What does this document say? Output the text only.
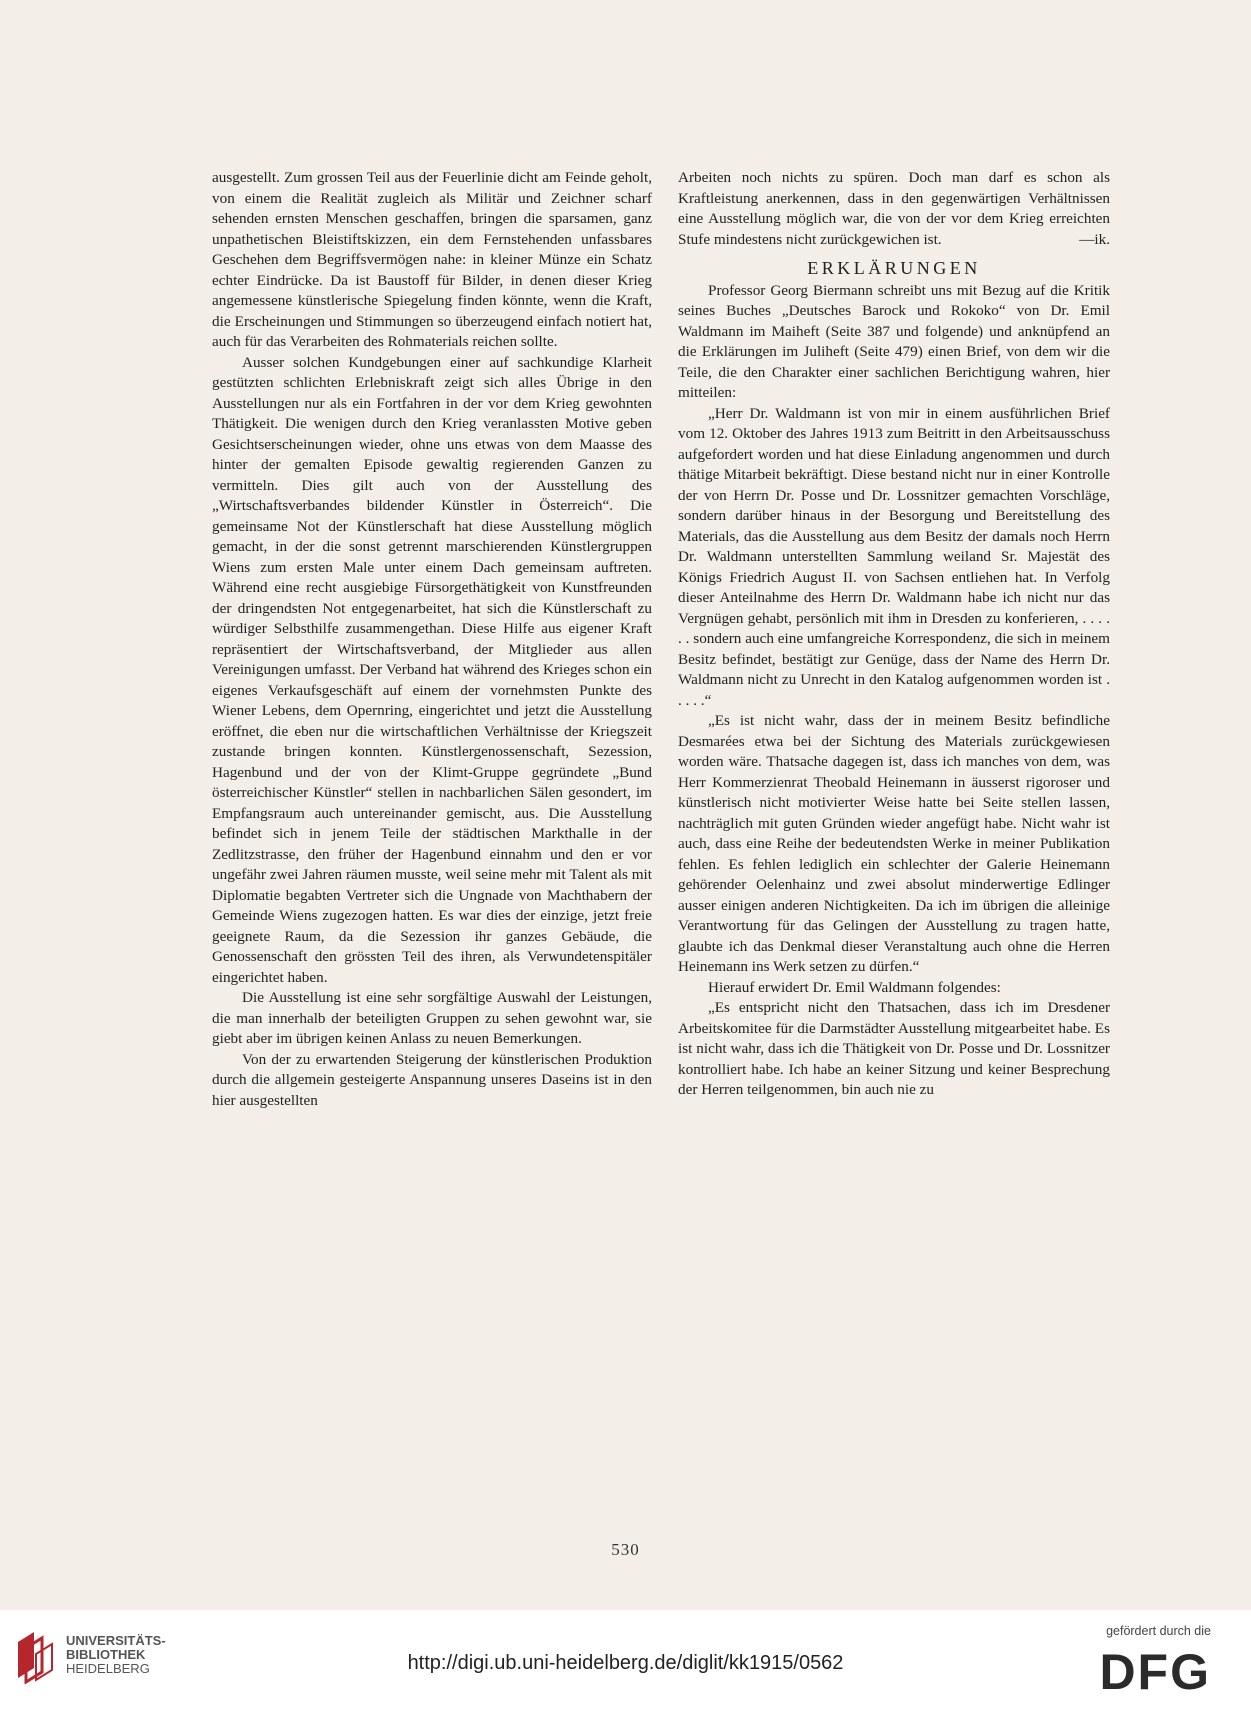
ausgestellt. Zum grossen Teil aus der Feuerlinie dicht am Feinde geholt, von einem die Realität zugleich als Militär und Zeichner scharf sehenden ernsten Menschen geschaffen, bringen die sparsamen, ganz unpathetischen Bleistiftskizzen, ein dem Fernstehenden unfassbares Geschehen dem Begriffsvermögen nahe: in kleiner Münze ein Schatz echter Eindrücke. Da ist Baustoff für Bilder, in denen dieser Krieg angemessene künstlerische Spiegelung finden könnte, wenn die Kraft, die Erscheinungen und Stimmungen so überzeugend einfach notiert hat, auch für das Verarbeiten des Rohmaterials reichen sollte.

Ausser solchen Kundgebungen einer auf sachkundige Klarheit gestützten schlichten Erlebniskraft zeigt sich alles Übrige in den Ausstellungen nur als ein Fortfahren in der vor dem Krieg gewohnten Thätigkeit. Die wenigen durch den Krieg veranlassten Motive geben Gesichtserscheinungen wieder, ohne uns etwas von dem Maasse des hinter der gemalten Episode gewaltig regierenden Ganzen zu vermitteln. Dies gilt auch von der Ausstellung des „Wirtschaftsverbandes bildender Künstler in Österreich“. Die gemeinsame Not der Künstlerschaft hat diese Ausstellung möglich gemacht, in der die sonst getrennt marschierenden Künstlergruppen Wiens zum ersten Male unter einem Dach gemeinsam auftreten. Während eine recht ausgiebige Fürsorgethätigkeit von Kunstfreunden der dringendsten Not entgegenarbeitet, hat sich die Künstlerschaft zu würdiger Selbsthilfe zusammengethan. Diese Hilfe aus eigener Kraft repräsentiert der Wirtschaftsverband, der Mitglieder aus allen Vereinigungen umfasst. Der Verband hat während des Krieges schon ein eigenes Verkaufsgeschäft auf einem der vornehmsten Punkte des Wiener Lebens, dem Opernring, eingerichtet und jetzt die Ausstellung eröffnet, die eben nur die wirtschaftlichen Verhältnisse der Kriegszeit zustande bringen konnten. Künstlergenossenschaft, Sezession, Hagenbund und der von der Klimt-Gruppe gegründete „Bund österreichischer Künstler“ stellen in nachbarlichen Sälen gesondert, im Empfangsraum auch untereinander gemischt, aus. Die Ausstellung befindet sich in jenem Teile der städtischen Markthalle in der Zedlitzstrasse, den früher der Hagenbund einnahm und den er vor ungefähr zwei Jahren räumen musste, weil seine mehr mit Talent als mit Diplomatie begabten Vertreter sich die Ungnade von Machthabern der Gemeinde Wiens zugezogen hatten. Es war dies der einzige, jetzt freie geeignete Raum, da die Sezession ihr ganzes Gebäude, die Genossenschaft den grössten Teil des ihren, als Verwundetenspitäler eingerichtet haben.

Die Ausstellung ist eine sehr sorgfältige Auswahl der Leistungen, die man innerhalb der beteiligten Gruppen zu sehen gewohnt war, sie giebt aber im übrigen keinen Anlass zu neuen Bemerkungen.

Von der zu erwartenden Steigerung der künstlerischen Produktion durch die allgemein gesteigerte Anspannung unseres Daseins ist in den hier ausgestellten

Arbeiten noch nichts zu spüren. Doch man darf es schon als Kraftleistung anerkennen, dass in den gegenwärtigen Verhältnissen eine Ausstellung möglich war, die von der vor dem Krieg erreichten Stufe mindestens nicht zurückgewichen ist.	—ik.

ERKLÄRUNGEN

Professor Georg Biermann schreibt uns mit Bezug auf die Kritik seines Buches „Deutsches Barock und Rokoko“ von Dr. Emil Waldmann im Maiheft (Seite 387 und folgende) und anknüpfend an die Erklärungen im Juliheft (Seite 479) einen Brief, von dem wir die Teile, die den Charakter einer sachlichen Berichtigung wahren, hier mitteilen:

„Herr Dr. Waldmann ist von mir in einem ausführlichen Brief vom 12. Oktober des Jahres 1913 zum Beitritt in den Arbeitsausschuss aufgefordert worden und hat diese Einladung angenommen und durch thätige Mitarbeit bekräftigt. Diese bestand nicht nur in einer Kontrolle der von Herrn Dr. Posse und Dr. Lossnitzer gemachten Vorschläge, sondern darüber hinaus in der Besorgung und Bereitstellung des Materials, das die Ausstellung aus dem Besitz der damals noch Herrn Dr. Waldmann unterstellten Sammlung weiland Sr. Majestät des Königs Friedrich August II. von Sachsen entliehen hat. In Verfolg dieser Anteilnahme des Herrn Dr. Waldmann habe ich nicht nur das Vergnügen gehabt, persönlich mit ihm in Dresden zu konferieren, . . . . . . sondern auch eine umfangreiche Korrespondenz, die sich in meinem Besitz befindet, bestätigt zur Genüge, dass der Name des Herrn Dr. Waldmann nicht zu Unrecht in den Katalog aufgenommen worden ist . . . . .“

„Es ist nicht wahr, dass der in meinem Besitz befindliche Desmarées etwa bei der Sichtung des Materials zurückgewiesen worden wäre. Thatsache dagegen ist, dass ich manches von dem, was Herr Kommerzienrat Theobald Heinemann in äusserst rigoroser und künstlerisch nicht motivierter Weise hatte bei Seite stellen lassen, nachträglich mit guten Gründen wieder angefügt habe. Nicht wahr ist auch, dass eine Reihe der bedeutendsten Werke in meiner Publikation fehlen. Es fehlen lediglich ein schlechter der Galerie Heinemann gehörender Oelenhainz und zwei absolut minderwertige Edlinger ausser einigen anderen Nichtigkeiten. Da ich im übrigen die alleinige Verantwortung für das Gelingen der Ausstellung zu tragen hatte, glaubte ich das Denkmal dieser Veranstaltung auch ohne die Herren Heinemann ins Werk setzen zu dürfen.“

Hierauf erwidert Dr. Emil Waldmann folgendes:

„Es entspricht nicht den Thatsachen, dass ich im Dresdener Arbeitskomitee für die Darmstädter Ausstellung mitgearbeitet habe. Es ist nicht wahr, dass ich die Thätigkeit von Dr. Posse und Dr. Lossnitzer kontrolliert habe. Ich habe an keiner Sitzung und keiner Besprechung der Herren teilgenommen, bin auch nie zu

530
UNIVERSITÄTS-
BIBLIOTHEK
HEIDELBERG	http://digi.ub.uni-heidelberg.de/diglit/kk1915/0562
gefördert durch die
DFG
